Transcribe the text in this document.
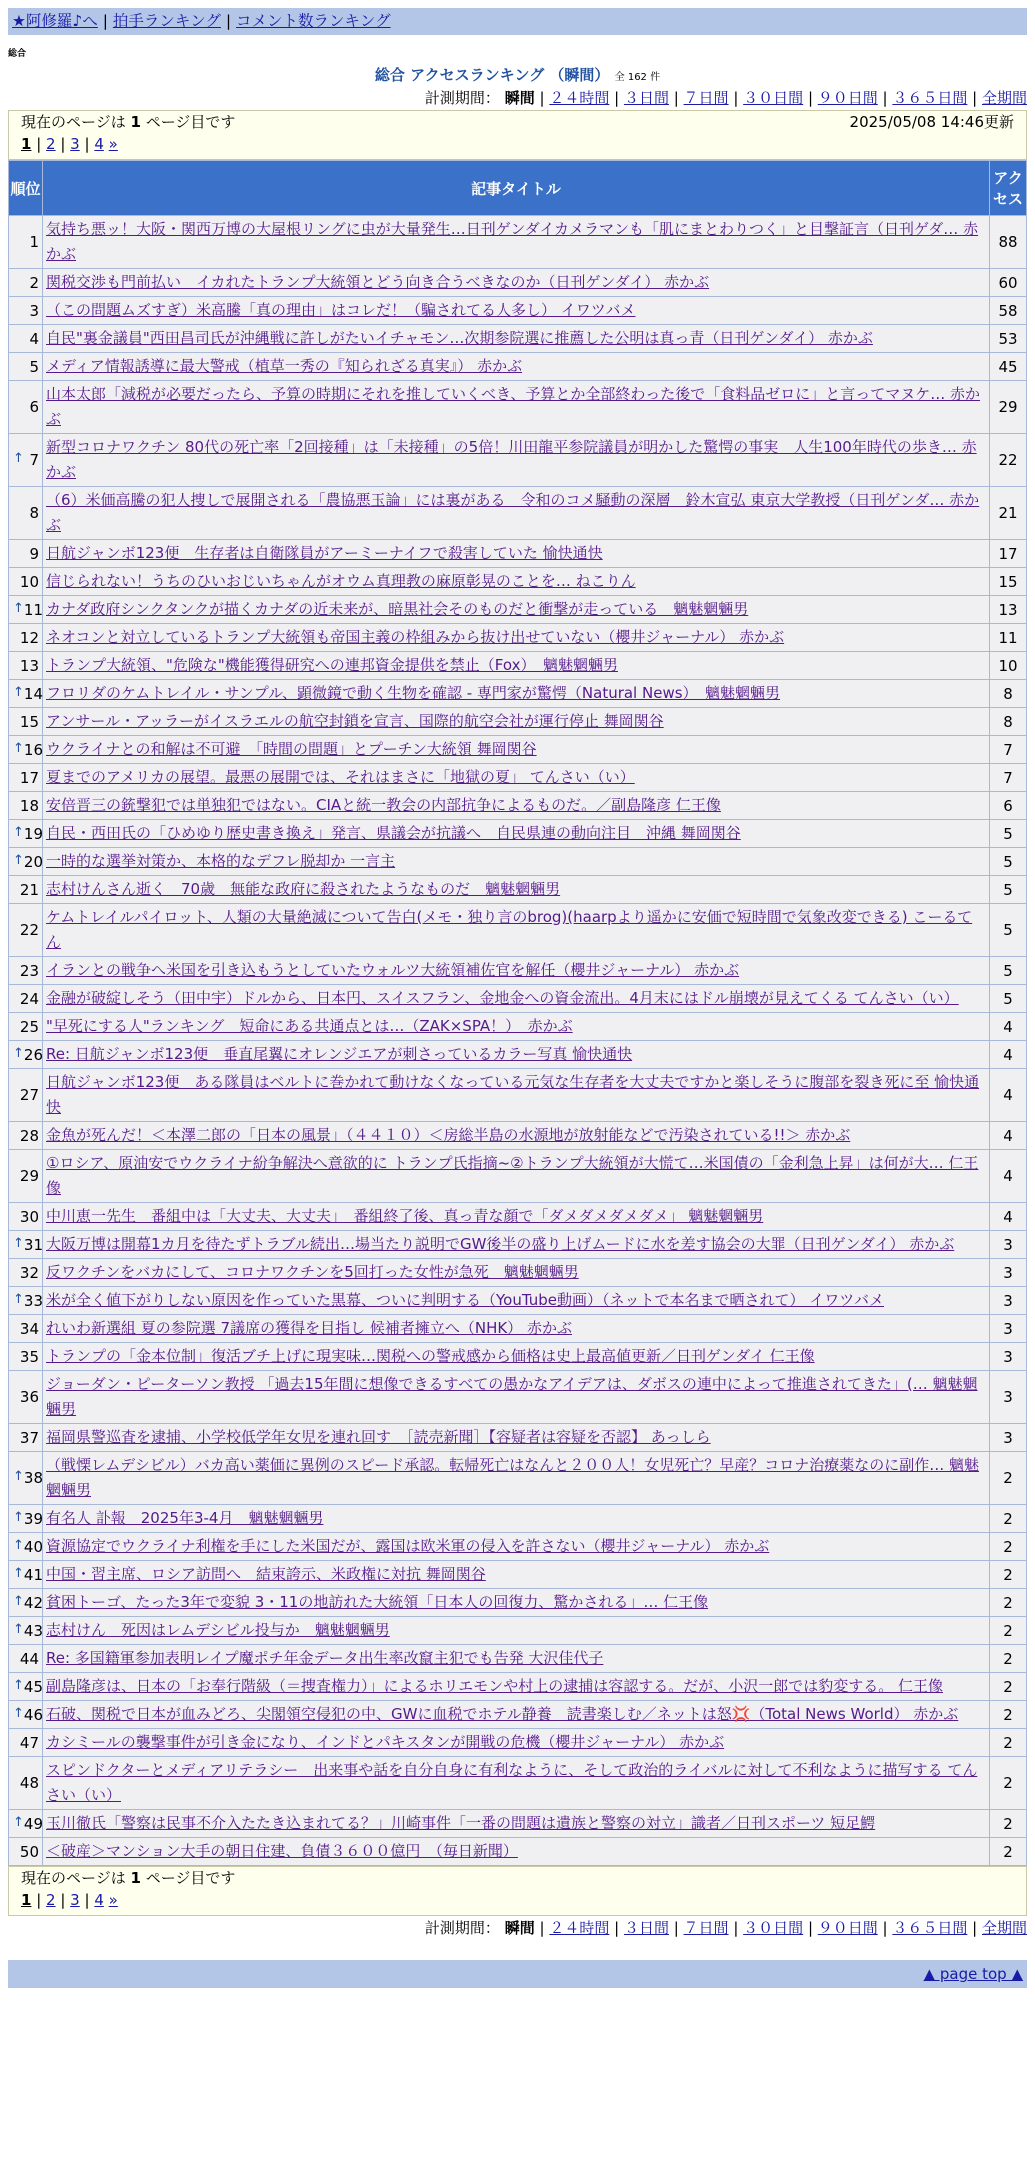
★阿修羅♪へ | 拍手ランキング | コメント数ランキング
総合
総合 アクセスランキング （瞬間） 全 162 件
計測期間： 瞬間 | ２４時間 | ３日間 | ７日間 | ３０日間 | ９０日間 | ３６５日間 | 全期間
現在のページは 1 ページ目です	2025/05/08 14:46更新
1 | 2 | 3 | 4 »
順位	記事タイトル	アクセス
1	気持ち悪ッ！大阪・関西万博の大屋根リングに虫が大量発生…日刊ゲンダイカメラマンも「肌にまとわりつく」と目撃証言（日刊ゲダ… 赤かぶ	88
2	関税交渉も門前払い　イカれたトランプ大統領とどう向き合うべきなのか（日刊ゲンダイ） 赤かぶ	60
3	（この問題ムズすぎ）米高騰「真の理由」はコレだ！（騙されてる人多し） イワツバメ	58
4	自民"裏金議員"西田昌司氏が沖縄戦に許しがたいイチャモン…次期参院選に推薦した公明は真っ青（日刊ゲンダイ） 赤かぶ	53
5	メディア情報誘導に最大警戒（植草一秀の『知られざる真実』） 赤かぶ	45
6	山本太郎「減税が必要だったら、予算の時期にそれを推していくべき、予算とか全部終わった後で「食料品ゼロに」と言ってマヌケ… 赤かぶ	29

↑ 7	新型コロナワクチン 80代の死亡率「2回接種」は「未接種」の5倍！川田龍平参院議員が明かした驚愕の事実　人生100年時代の歩き… 赤かぶ	22
8	（6）米価高騰の犯人捜しで展開される「農協悪玉論」には裏がある　令和のコメ騒動の深層　鈴木宣弘 東京大学教授（日刊ゲンダ… 赤かぶ	21
9	日航ジャンボ123便　生存者は自衛隊員がアーミーナイフで殺害していた 愉快通快	17
10	信じられない！うちのひいおじいちゃんがオウム真理教の麻原彰晃のことを… ねこりん	15

↑ 11	カナダ政府シンクタンクが描くカナダの近未来が、暗黒社会そのものだと衝撃が走っている　魑魅魍魎男	13
12	ネオコンと対立しているトランプ大統領も帝国主義の枠組みから抜け出せていない（櫻井ジャーナル） 赤かぶ	11
13	トランプ大統領、"危険な"機能獲得研究への連邦資金提供を禁止（Fox）　魑魅魍魎男	10

↑ 14	フロリダのケムトレイル・サンプル、顕微鏡で動く生物を確認 - 専門家が驚愕（Natural News）　魑魅魍魎男	8
15	アンサール・アッラーがイスラエルの航空封鎖を宣言、国際的航空会社が運行停止 舞岡関谷	8

↑ 16	ウクライナとの和解は不可避　「時間の問題」とプーチン大統領 舞岡関谷	7
17	夏までのアメリカの展望。最悪の展開では、それはまさに「地獄の夏」 てんさい（い）	7
18	安倍晋三の銃撃犯では単独犯ではない。CIAと統一教会の内部抗争によるものだ。／副島隆彦 仁王像	6

↑ 19	自民・西田氏の「ひめゆり歴史書き換え」発言、県議会が抗議へ　自民県連の動向注目　沖縄 舞岡関谷	5

↑ 20	一時的な選挙対策か、本格的なデフレ脱却か 一言主	5
21	志村けんさん逝く　70歳　無能な政府に殺されたようなものだ　魑魅魍魎男	5
22	ケムトレイルパイロット、人類の大量絶滅について告白(メモ・独り言のbrog)(haarpより遥かに安価で短時間で気象改変できる) こーるてん	5
23	イランとの戦争へ米国を引き込もうとしていたウォルツ大統領補佐官を解任（櫻井ジャーナル） 赤かぶ	5
24	金融が破綻しそう（田中宇）ドルから、日本円、スイスフラン、金地金への資金流出。4月末にはドル崩壊が見えてくる てんさい（い）	5
25	"早死にする人"ランキング　短命にある共通点とは…（ZAK×SPA！）　赤かぶ	4

↑ 26	Re: 日航ジャンボ123便　垂直尾翼にオレンジエアが刺さっているカラー写真 愉快通快	4
27	日航ジャンボ123便　ある隊員はベルトに巻かれて動けなくなっている元気な生存者を大丈夫ですかと楽しそうに腹部を裂き死に至 愉快通快	4
28	金魚が死んだ！＜本澤二郎の「日本の風景」（４４１０）＜房総半島の水源地が放射能などで汚染されている!!＞ 赤かぶ	4
29	①ロシア、原油安でウクライナ紛争解決へ意欲的に トランプ氏指摘~②トランプ大統領が大慌て…米国債の「金利急上昇」は何が大… 仁王像	4
30	中川恵一先生　番組中は「大丈夫、大丈夫」　番組終了後、真っ青な顔で「ダメダメダメダメ」 魑魅魍魎男	4

↑ 31	大阪万博は開幕1カ月を待たずトラブル続出…場当たり説明でGW後半の盛り上げムードに水を差す協会の大罪（日刊ゲンダイ） 赤かぶ	3
32	反ワクチンをバカにして、コロナワクチンを5回打った女性が急死　魑魅魍魎男	3

↑ 33	米が全く値下がりしない原因を作っていた黒幕、ついに判明する（YouTube動画）（ネットで本名まで晒されて） イワツバメ	3
34	れいわ新選組 夏の参院選 7議席の獲得を目指し 候補者擁立へ（NHK） 赤かぶ	3
35	トランプの「金本位制」復活ブチ上げに現実味…関税への警戒感から価格は史上最高値更新／日刊ゲンダイ 仁王像	3
36	ジョーダン・ピーターソン教授 「過去15年間に想像できるすべての愚かなアイデアは、ダボスの連中によって推進されてきた」(… 魑魅魍魎男	3
37	福岡県警巡査を逮捕、小学校低学年女児を連れ回す　［読売新聞］【容疑者は容疑を否認】 あっしら	3

↑ 38	（戦慄レムデシビル）バカ高い薬価に異例のスピード承認。転帰死亡はなんと２００人！女児死亡？早産？コロナ治療薬なのに副作… 魑魅魍魎男	2

↑ 39	有名人 訃報　2025年3-4月　魑魅魍魎男	2

↑ 40	資源協定でウクライナ利権を手にした米国だが、露国は欧米軍の侵入を許さない（櫻井ジャーナル） 赤かぶ	2

↑ 41	中国・習主席、ロシア訪問へ　結束誇示、米政権に対抗 舞岡関谷	2

↑ 42	貧困トーゴ、たった3年で変貌 3・11の地訪れた大統領「日本人の回復力、驚かされる」… 仁王像	2

↑ 43	志村けん　死因はレムデシビル投与か　魑魅魍魎男	2
44	Re: 多国籍軍参加表明レイプ魔ポチ年金データ出生率改竄主犯でも告発 大沢佳代子	2

↑ 45	副島隆彦は、日本の「お奉行階級（＝捜査権力）」によるホリエモンや村上の逮捕は容認する。だが、小沢一郎では豹変する。 仁王像	2

↑ 46	石破、関税で日本が血みどろ、尖閣領空侵犯の中、GWに血税でホテル静養　読書楽しむ／ネットは怒💢（Total News World） 赤かぶ	2
47	カシミールの襲撃事件が引き金になり、インドとパキスタンが開戦の危機（櫻井ジャーナル） 赤かぶ	2
48	スピンドクターとメディアリテラシー　出来事や話を自分自身に有利なように、そして政治的ライバルに対して不利なように描写する てんさい（い）	2

↑ 49	玉川徹氏「警察は民事不介入たたき込まれてる？」川崎事件「一番の問題は遺族と警察の対立」識者／日刊スポーツ 短足鰐	2
50	＜破産＞マンション大手の朝日住建、負債３６００億円　（毎日新聞）	2
現在のページは 1 ページ目です
1 | 2 | 3 | 4 »
計測期間： 瞬間 | ２４時間 | ３日間 | ７日間 | ３０日間 | ９０日間 | ３６５日間 | 全期間
▲ page top ▲
